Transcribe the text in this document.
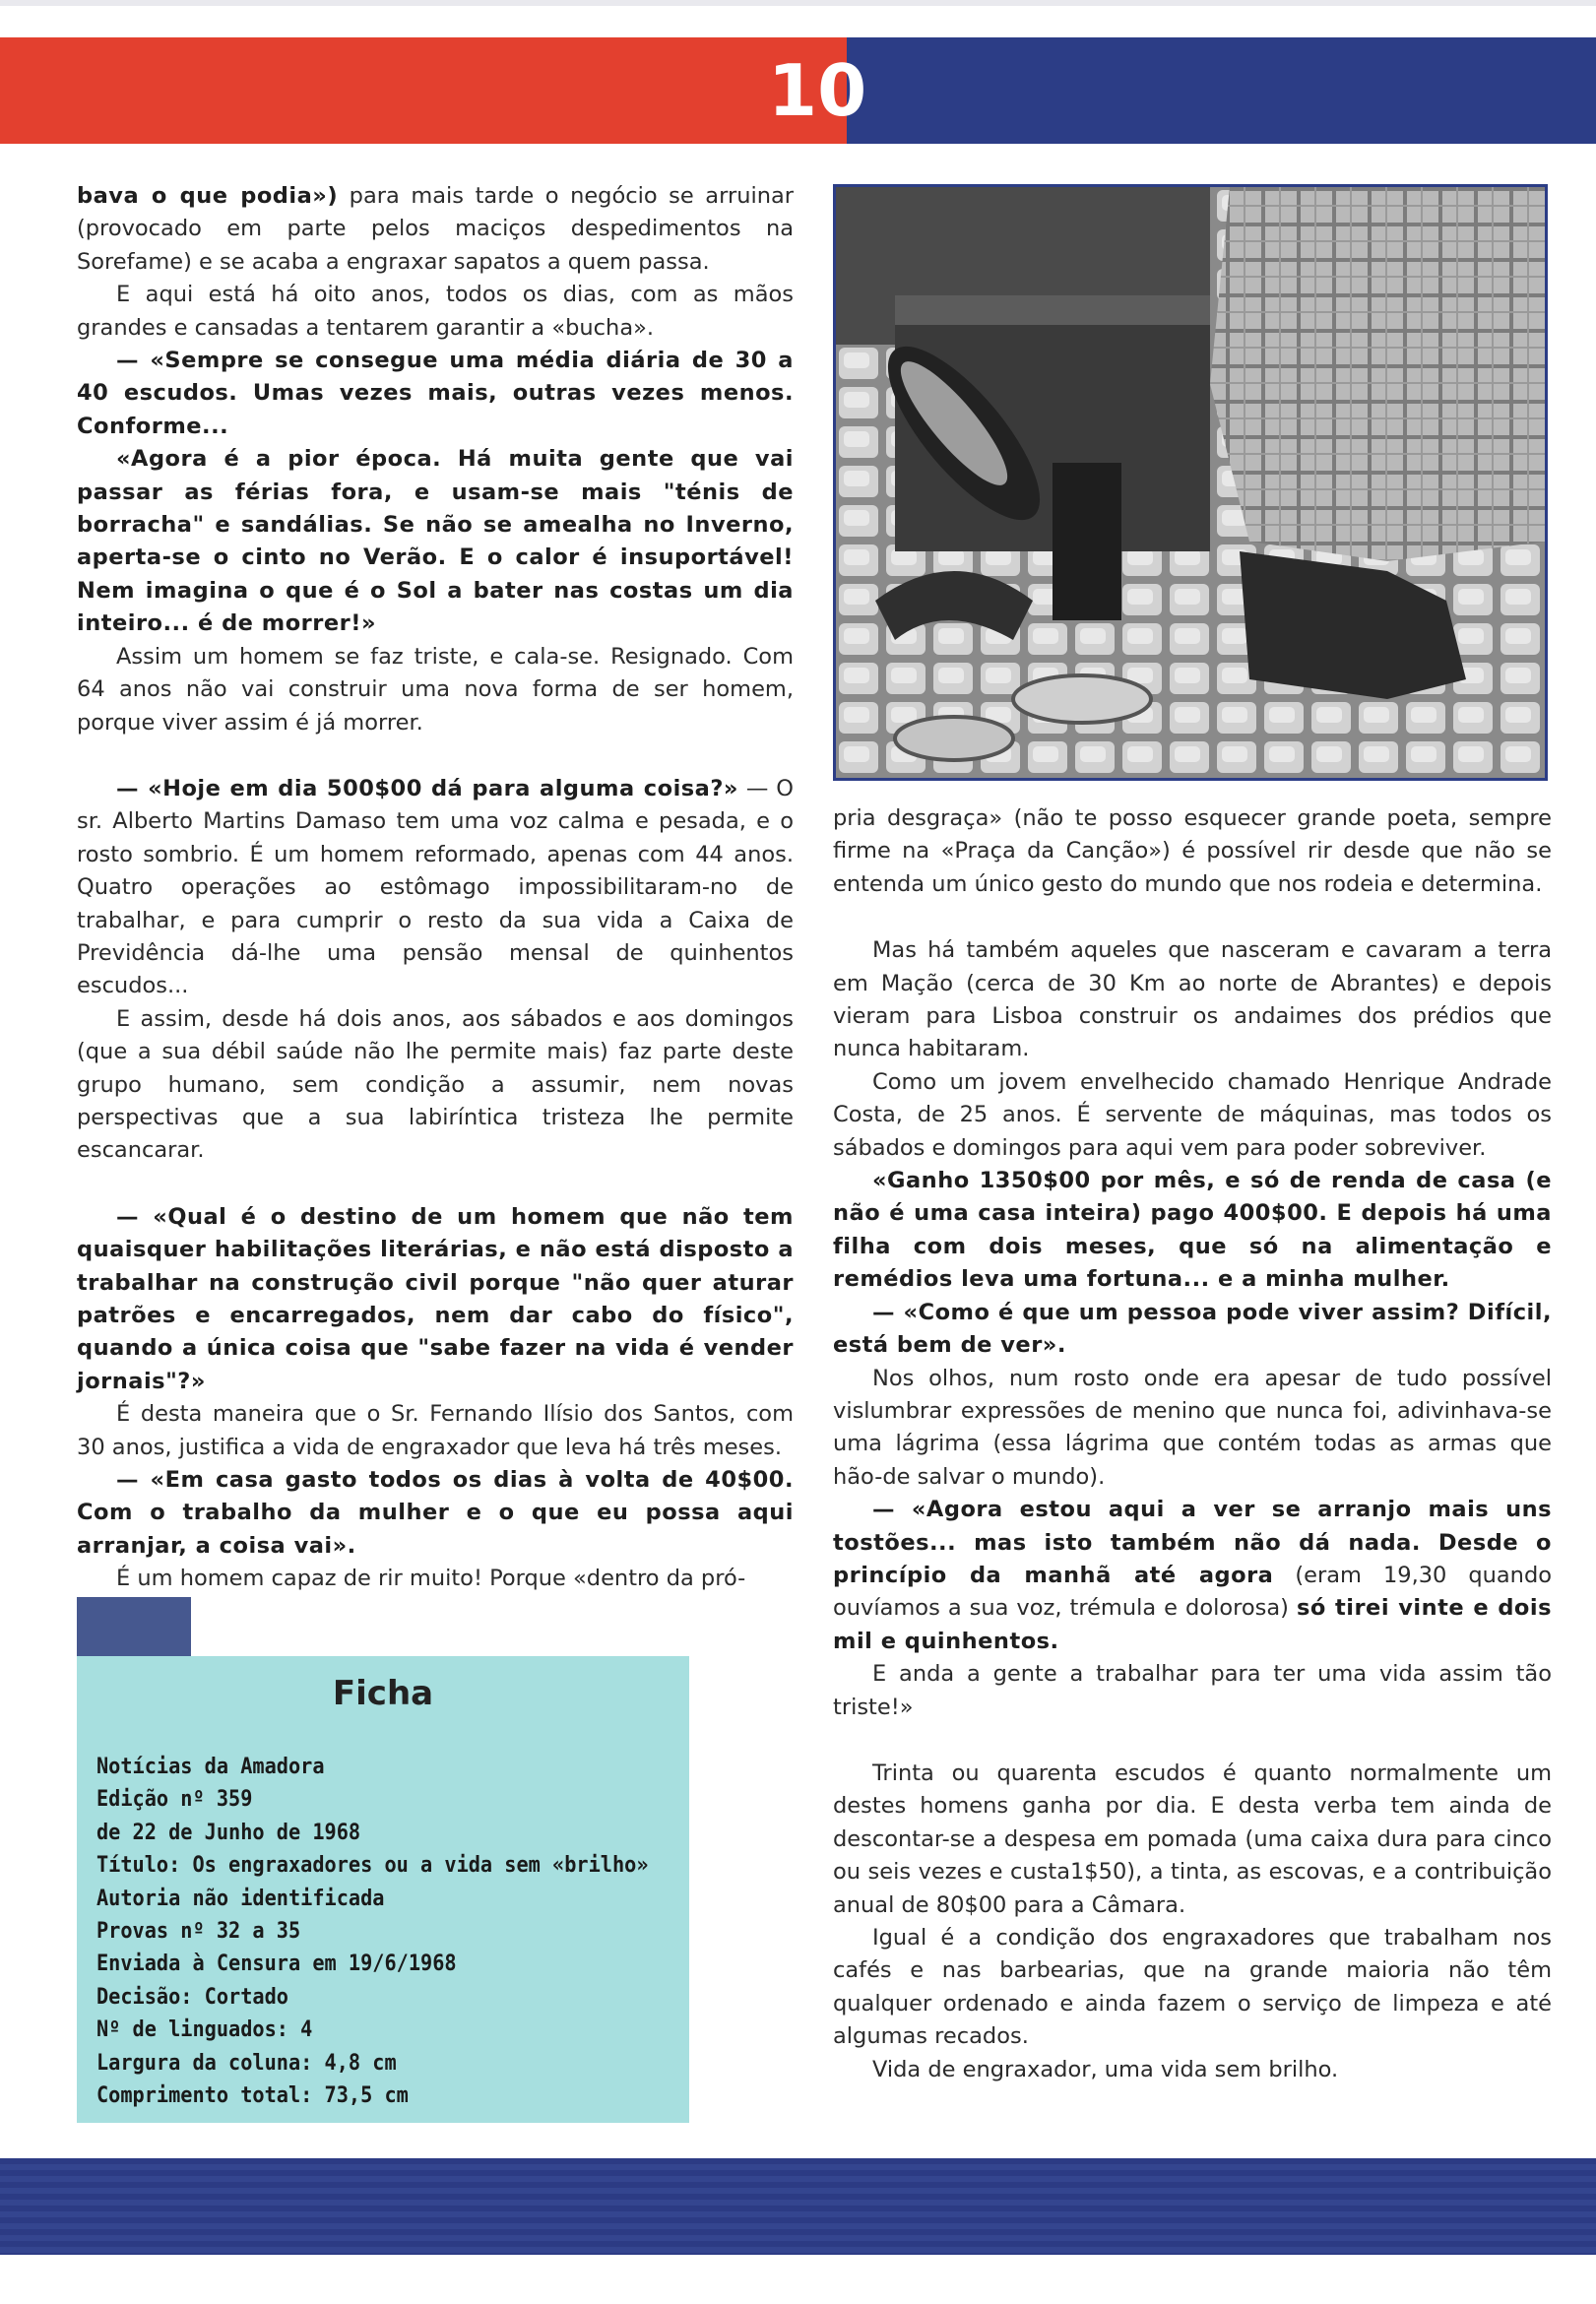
10

bava o que podia») para mais tarde o negócio se arruinar (provocado em parte pelos maciços despedimentos na Sorefame) e se acaba a engraxar sapatos a quem passa.

E aqui está há oito anos, todos os dias, com as mãos grandes e cansadas a tentarem garantir a «bucha».

— «Sempre se consegue uma média diária de 30 a 40 escudos. Umas vezes mais, outras vezes menos. Conforme...

«Agora é a pior época. Há muita gente que vai passar as férias fora, e usam-se mais "ténis de borracha" e sandálias. Se não se amealha no Inverno, aperta-se o cinto no Verão. E o calor é insuportável! Nem imagina o que é o Sol a bater nas costas um dia inteiro... é de morrer!»

Assim um homem se faz triste, e cala-se. Resignado. Com 64 anos não vai construir uma nova forma de ser homem, porque viver assim é já morrer.

— «Hoje em dia 500$00 dá para alguma coisa?» — O sr. Alberto Martins Damaso tem uma voz calma e pesada, e o rosto sombrio. É um homem reformado, apenas com 44 anos. Quatro operações ao estômago impossibilitaram-no de trabalhar, e para cumprir o resto da sua vida a Caixa de Previdência dá-lhe uma pensão mensal de quinhentos escudos...

E assim, desde há dois anos, aos sábados e aos domingos (que a sua débil saúde não lhe permite mais) faz parte deste grupo humano, sem condição a assumir, nem novas perspectivas que a sua labiríntica tristeza lhe permite escancarar.

— «Qual é o destino de um homem que não tem quaisquer habilitações literárias, e não está disposto a trabalhar na construção civil porque "não quer aturar patrões e encarregados, nem dar cabo do físico", quando a única coisa que "sabe fazer na vida é vender jornais"?»

É desta maneira que o Sr. Fernando Ilísio dos Santos, com 30 anos, justifica a vida de engraxador que leva há três meses.

— «Em casa gasto todos os dias à volta de 40$00. Com o trabalho da mulher e o que eu possa aqui arranjar, a coisa vai».

É um homem capaz de rir muito! Porque «dentro da pró-

pria desgraça» (não te posso esquecer grande poeta, sempre firme na «Praça da Canção») é possível rir desde que não se entenda um único gesto do mundo que nos rodeia e determina.

Mas há também aqueles que nasceram e cavaram a terra em Mação (cerca de 30 Km ao norte de Abrantes) e depois vieram para Lisboa construir os andaimes dos prédios que nunca habitaram.

Como um jovem envelhecido chamado Henrique Andrade Costa, de 25 anos. É servente de máquinas, mas todos os sábados e domingos para aqui vem para poder sobreviver.

«Ganho 1350$00 por mês, e só de renda de casa (e não é uma casa inteira) pago 400$00. E depois há uma filha com dois meses, que só na alimentação e remédios leva uma fortuna... e a minha mulher.

— «Como é que um pessoa pode viver assim? Difícil, está bem de ver».

Nos olhos, num rosto onde era apesar de tudo possível vislumbrar expressões de menino que nunca foi, adivinhava-se uma lágrima (essa lágrima que contém todas as armas que hão-de salvar o mundo).

— «Agora estou aqui a ver se arranjo mais uns tostões... mas isto também não dá nada. Desde o princípio da manhã até agora (eram 19,30 quando ouvíamos a sua voz, trémula e dolorosa) só tirei vinte e dois mil e quinhentos.

E anda a gente a trabalhar para ter uma vida assim tão triste!»

Trinta ou quarenta escudos é quanto normalmente um destes homens ganha por dia. E desta verba tem ainda de descontar-se a despesa em pomada (uma caixa dura para cinco ou seis vezes e custa1$50), a tinta, as escovas, e a contribuição anual de 80$00 para a Câmara.

Igual é a condição dos engraxadores que trabalham nos cafés e nas barbearias, que na grande maioria não têm qualquer ordenado e ainda fazem o serviço de limpeza e até algumas recados.

Vida de engraxador, uma vida sem brilho.

Ficha
Notícias da Amadora
Edição nº 359
de 22 de Junho de 1968
Título: Os engraxadores ou a vida sem «brilho»
Autoria não identificada
Provas nº 32 a 35
Enviada à Censura em 19/6/1968
Decisão: Cortado
Nº de linguados: 4
Largura da coluna: 4,8 cm
Comprimento total: 73,5 cm
